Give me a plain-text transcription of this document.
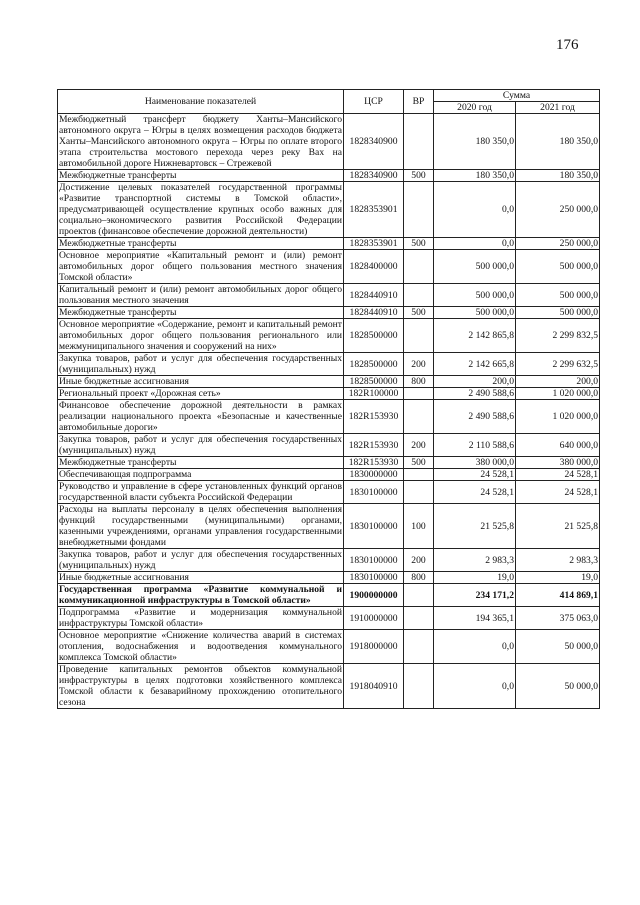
176
Наименование показателей	ЦСР	ВР	Сумма	
			2020 год	2021 год
Межбюджетный трансферт бюджету Ханты–Мансийского автономного округа – Югры в целях возмещения расходов бюджета Ханты–Мансийского автономного округа – Югры по оплате второго этапа строительства мостового перехода через реку Вах на автомобильной дороге Нижневартовск – Стрежевой	1828340900		180 350,0	180 350,0
Межбюджетные трансферты	1828340900	500	180 350,0	180 350,0
Достижение целевых показателей государственной программы «Развитие транспортной системы в Томской области», предусматривающей осуществление крупных особо важных для социально–экономического развития Российской Федерации проектов (финансовое обеспечение дорожной деятельности)	1828353901		0,0	250 000,0
Межбюджетные трансферты	1828353901	500	0,0	250 000,0
Основное мероприятие «Капитальный ремонт и (или) ремонт автомобильных дорог общего пользования местного значения Томской области»	1828400000		500 000,0	500 000,0
Капитальный ремонт и (или) ремонт автомобильных дорог общего пользования местного значения	1828440910		500 000,0	500 000,0
Межбюджетные трансферты	1828440910	500	500 000,0	500 000,0
Основное мероприятие «Содержание, ремонт и капитальный ремонт автомобильных дорог общего пользования регионального или межмуниципального значения и сооружений на них»	1828500000		2 142 865,8	2 299 832,5
Закупка товаров, работ и услуг для обеспечения государственных (муниципальных) нужд	1828500000	200	2 142 665,8	2 299 632,5
Иные бюджетные ассигнования	1828500000	800	200,0	200,0
Региональный проект «Дорожная сеть»	182R100000		2 490 588,6	1 020 000,0
Финансовое обеспечение дорожной деятельности в рамках реализации национального проекта «Безопасные и качественные автомобильные дороги»	182R153930		2 490 588,6	1 020 000,0
Закупка товаров, работ и услуг для обеспечения государственных (муниципальных) нужд	182R153930	200	2 110 588,6	640 000,0
Межбюджетные трансферты	182R153930	500	380 000,0	380 000,0
Обеспечивающая подпрограмма	1830000000		24 528,1	24 528,1
Руководство и управление в сфере установленных функций органов государственной власти субъекта Российской Федерации	1830100000		24 528,1	24 528,1
Расходы на выплаты персоналу в целях обеспечения выполнения функций государственными (муниципальными) органами, казенными учреждениями, органами управления государственными внебюджетными фондами	1830100000	100	21 525,8	21 525,8
Закупка товаров, работ и услуг для обеспечения государственных (муниципальных) нужд	1830100000	200	2 983,3	2 983,3
Иные бюджетные ассигнования	1830100000	800	19,0	19,0
Государственная программа «Развитие коммунальной и коммуникационной инфраструктуры в Томской области»	1900000000		234 171,2	414 869,1
Подпрограмма «Развитие и модернизация коммунальной инфраструктуры Томской области»	1910000000		194 365,1	375 063,0
Основное мероприятие «Снижение количества аварий в системах отопления, водоснабжения и водоотведения коммунального комплекса Томской области»	1918000000		0,0	50 000,0
Проведение капитальных ремонтов объектов коммунальной инфраструктуры в целях подготовки хозяйственного комплекса Томской области к безаварийному прохождению отопительного сезона	1918040910		0,0	50 000,0
